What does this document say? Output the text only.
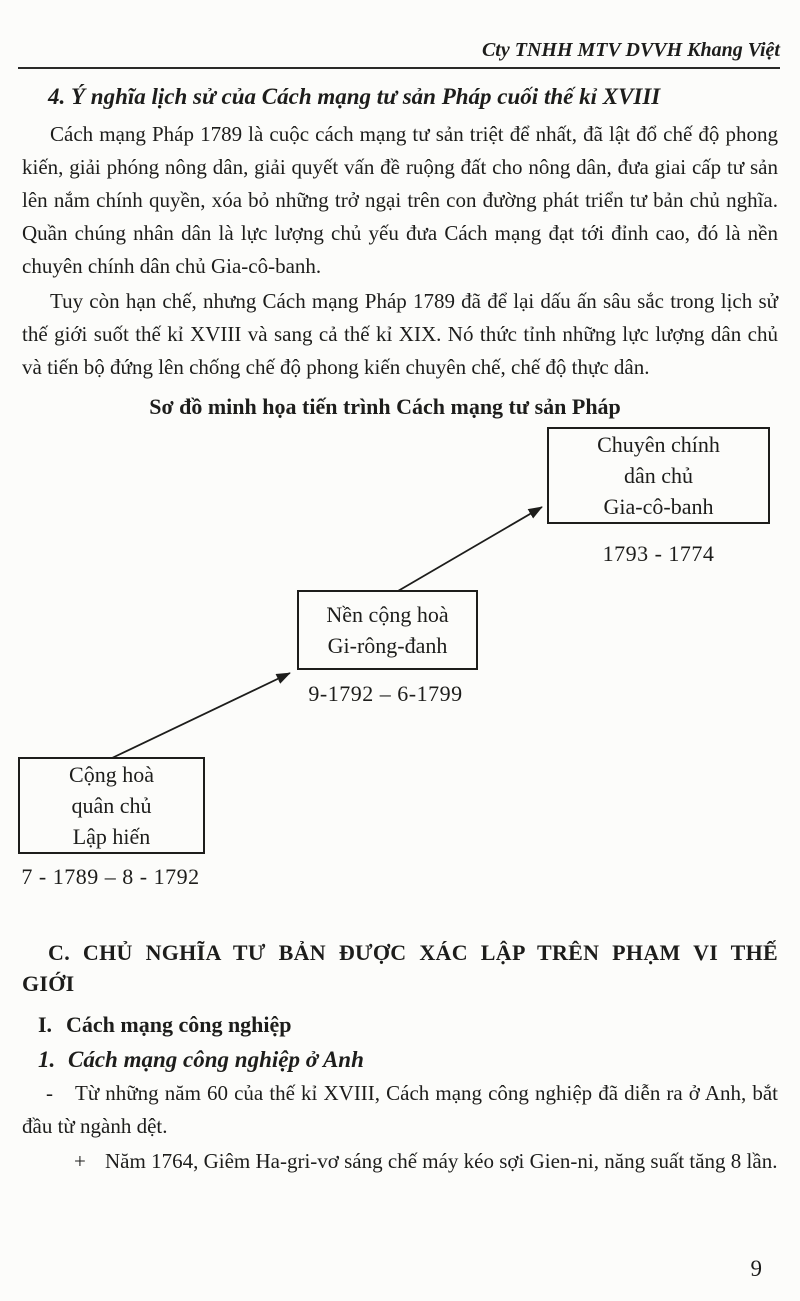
Cty TNHH MTV DVVH Khang Việt

4. Ý nghĩa lịch sử của Cách mạng tư sản Pháp cuối thế kỉ XVIII

Cách mạng Pháp 1789 là cuộc cách mạng tư sản triệt để nhất, đã lật đổ chế độ phong kiến, giải phóng nông dân, giải quyết vấn đề ruộng đất cho nông dân, đưa giai cấp tư sản lên nắm chính quyền, xóa bỏ những trở ngại trên con đường phát triển tư bản chủ nghĩa. Quần chúng nhân dân là lực lượng chủ yếu đưa Cách mạng đạt tới đỉnh cao, đó là nền chuyên chính dân chủ Gia-cô-banh.

Tuy còn hạn chế, nhưng Cách mạng Pháp 1789 đã để lại dấu ấn sâu sắc trong lịch sử thế giới suốt thế kỉ XVIII và sang cả thế kỉ XIX. Nó thức tỉnh những lực lượng dân chủ và tiến bộ đứng lên chống chế độ phong kiến chuyên chế, chế độ thực dân.

Sơ đồ minh họa tiến trình Cách mạng tư sản Pháp

Chuyên chính
dân chủ
Gia-cô-banh
1793 - 1774
Nền cộng hoà
Gi-rông-đanh
9-1792 – 6-1799
Cộng hoà
quân chủ
Lập hiến
7 - 1789 – 8 - 1792

C. CHỦ NGHĨA TƯ BẢN ĐƯỢC XÁC LẬP TRÊN PHẠM VI THẾ
GIỚI

I. Cách mạng công nghiệp

1. Cách mạng công nghiệp ở Anh

- Từ những năm 60 của thế kỉ XVIII, Cách mạng công nghiệp đã diễn ra ở Anh, bắt đầu từ ngành dệt.

+ Năm 1764, Giêm Ha-gri-vơ sáng chế máy kéo sợi Gien-ni, năng suất tăng 8 lần.

9
